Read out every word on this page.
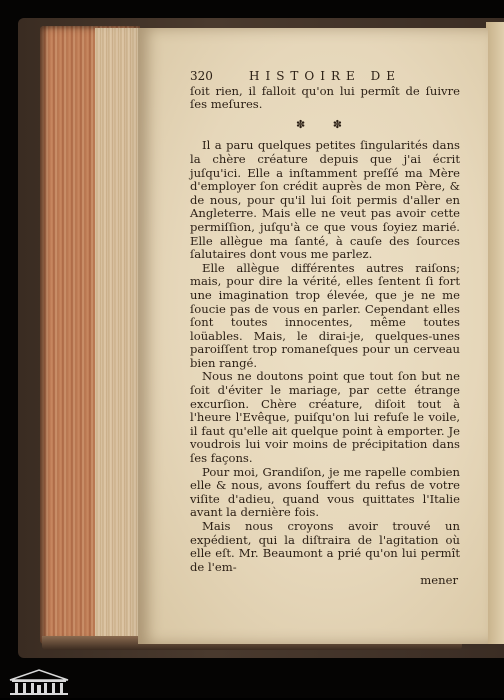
320	HISTOIRE DE

ſoit rien, il falloit qu'on lui permît de ſuivre ſes meſures.

✽ ✽

Il a paru quelques petites ſingularités dans la chère créature depuis que j'ai écrit juſqu'ici. Elle a inſtamment preſſé ma Mère d'employer ſon crédit auprès de mon Père, & de nous, pour qu'il lui ſoit permis d'aller en Angleterre. Mais elle ne veut pas avoir cette permiſſion, juſqu'à ce que vous ſoyiez marié. Elle allègue ma ſanté, à cauſe des ſources ſalutaires dont vous me parlez.

Elle allègue différentes autres raiſons; mais, pour dire la vérité, elles ſentent ſi fort une imagination trop élevée, que je ne me ſoucie pas de vous en parler. Cependant elles ſont toutes innocentes, même toutes loüables. Mais, le dirai-je, quelques-unes paroiſſent trop romaneſques pour un cerveau bien rangé.

Nous ne doutons point que tout ſon but ne ſoit d'éviter le mariage, par cette étrange excurſion. Chère créature, diſoit tout à l'heure l'Evêque, puiſqu'on lui refuſe le voile, il faut qu'elle ait quelque point à emporter. Je voudrois lui voir moins de précipitation dans ſes façons.

Pour moi, Grandiſon, je me rapelle combien elle & nous, avons ſouffert du refus de votre viſite d'adieu, quand vous quittates l'Italie avant la dernière fois.

Mais nous croyons avoir trouvé un expédient, qui la diſtraira de l'agitation où elle eſt. Mr. Beaumont a prié qu'on lui permît de l'em-

mener
